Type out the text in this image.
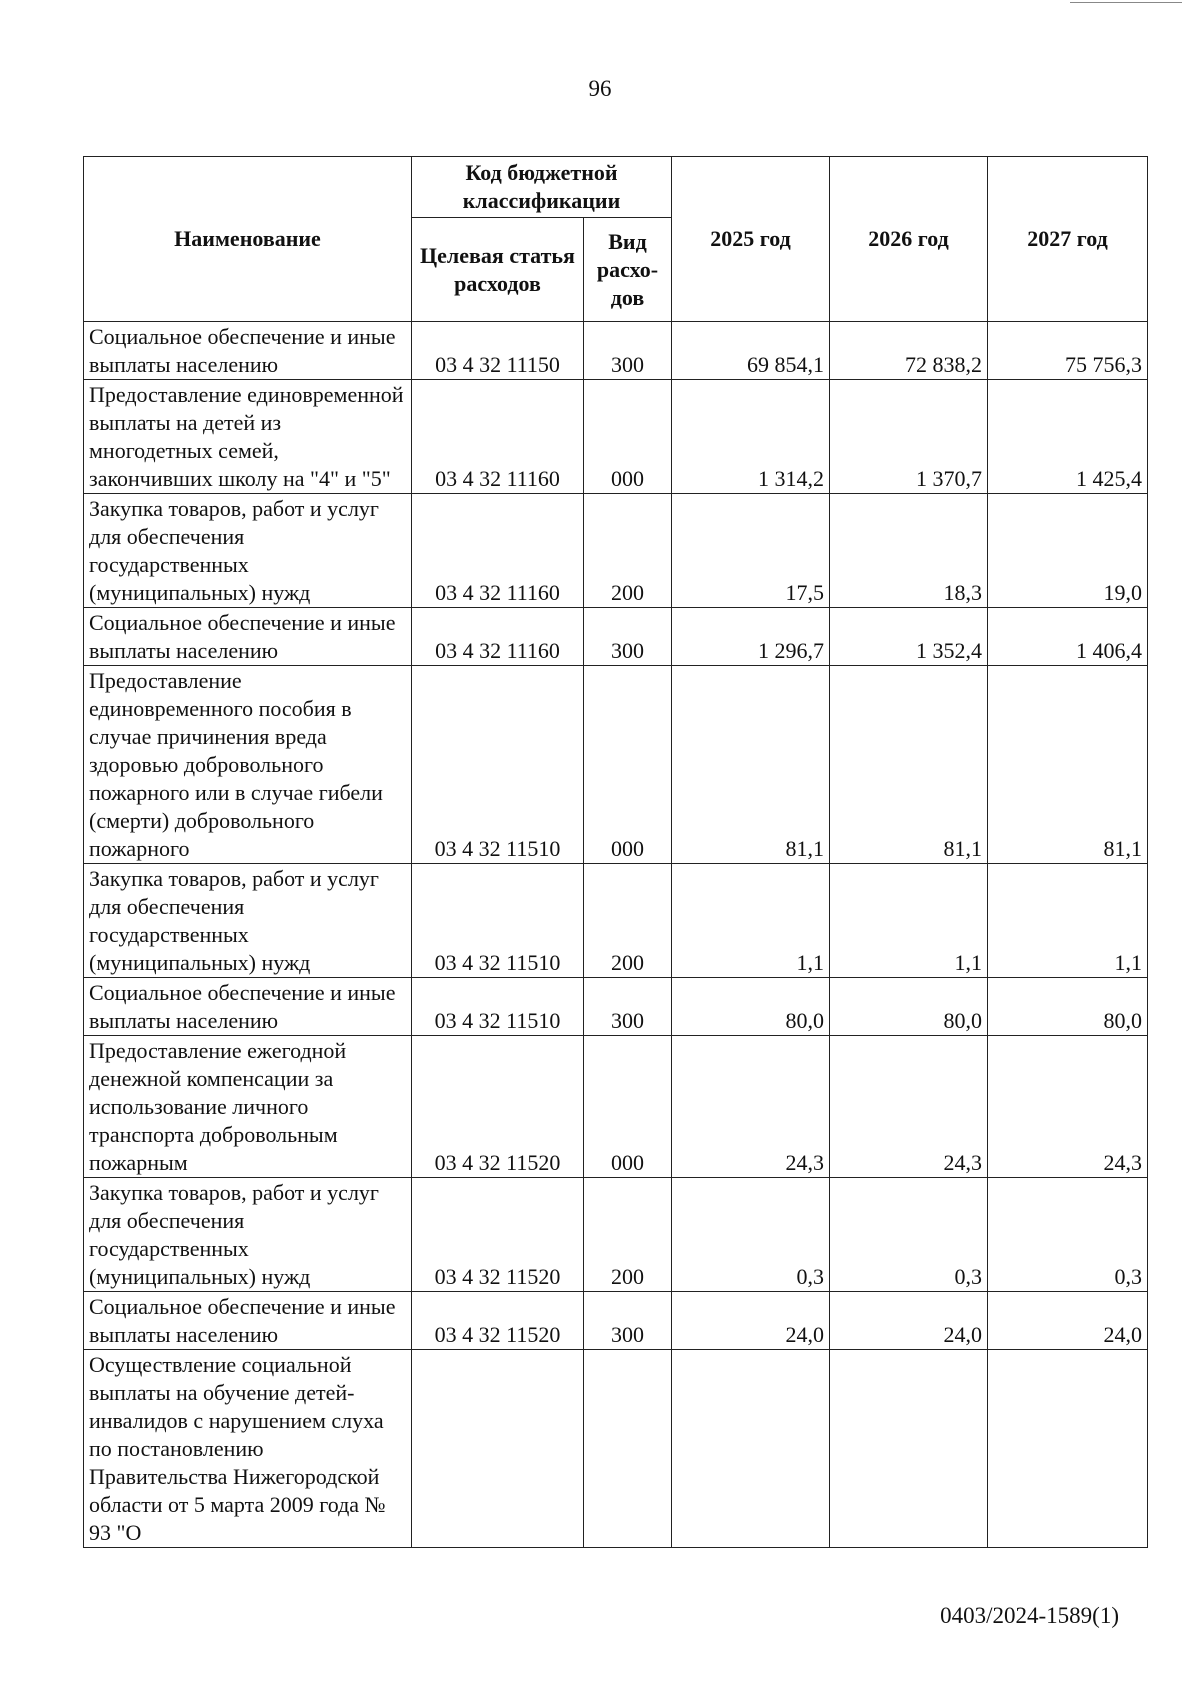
96
Наименование	Код бюджетной классификации		2025 год	2026 год	2027 год
	Целевая статья расходов	Вид расхо-дов			
Социальное обеспечение и иные выплаты населению	03 4 32 11150	300	69 854,1	72 838,2	75 756,3
Предоставление единовременной выплаты на детей из многодетных семей, закончивших школу на "4" и "5"	03 4 32 11160	000	1 314,2	1 370,7	1 425,4
Закупка товаров, работ и услуг для обеспечения государственных (муниципальных) нужд	03 4 32 11160	200	17,5	18,3	19,0
Социальное обеспечение и иные выплаты населению	03 4 32 11160	300	1 296,7	1 352,4	1 406,4
Предоставление единовременного пособия в случае причинения вреда здоровью добровольного пожарного или в случае гибели (смерти) добровольного пожарного	03 4 32 11510	000	81,1	81,1	81,1
Закупка товаров, работ и услуг для обеспечения государственных (муниципальных) нужд	03 4 32 11510	200	1,1	1,1	1,1
Социальное обеспечение и иные выплаты населению	03 4 32 11510	300	80,0	80,0	80,0
Предоставление ежегодной денежной компенсации за использование личного транспорта добровольным пожарным	03 4 32 11520	000	24,3	24,3	24,3
Закупка товаров, работ и услуг для обеспечения государственных (муниципальных) нужд	03 4 32 11520	200	0,3	0,3	0,3
Социальное обеспечение и иные выплаты населению	03 4 32 11520	300	24,0	24,0	24,0
Осуществление социальной выплаты на обучение детей-инвалидов с нарушением слуха по постановлению Правительства Нижегородской области от 5 марта 2009 года № 93 "О					
0403/2024-1589(1)
